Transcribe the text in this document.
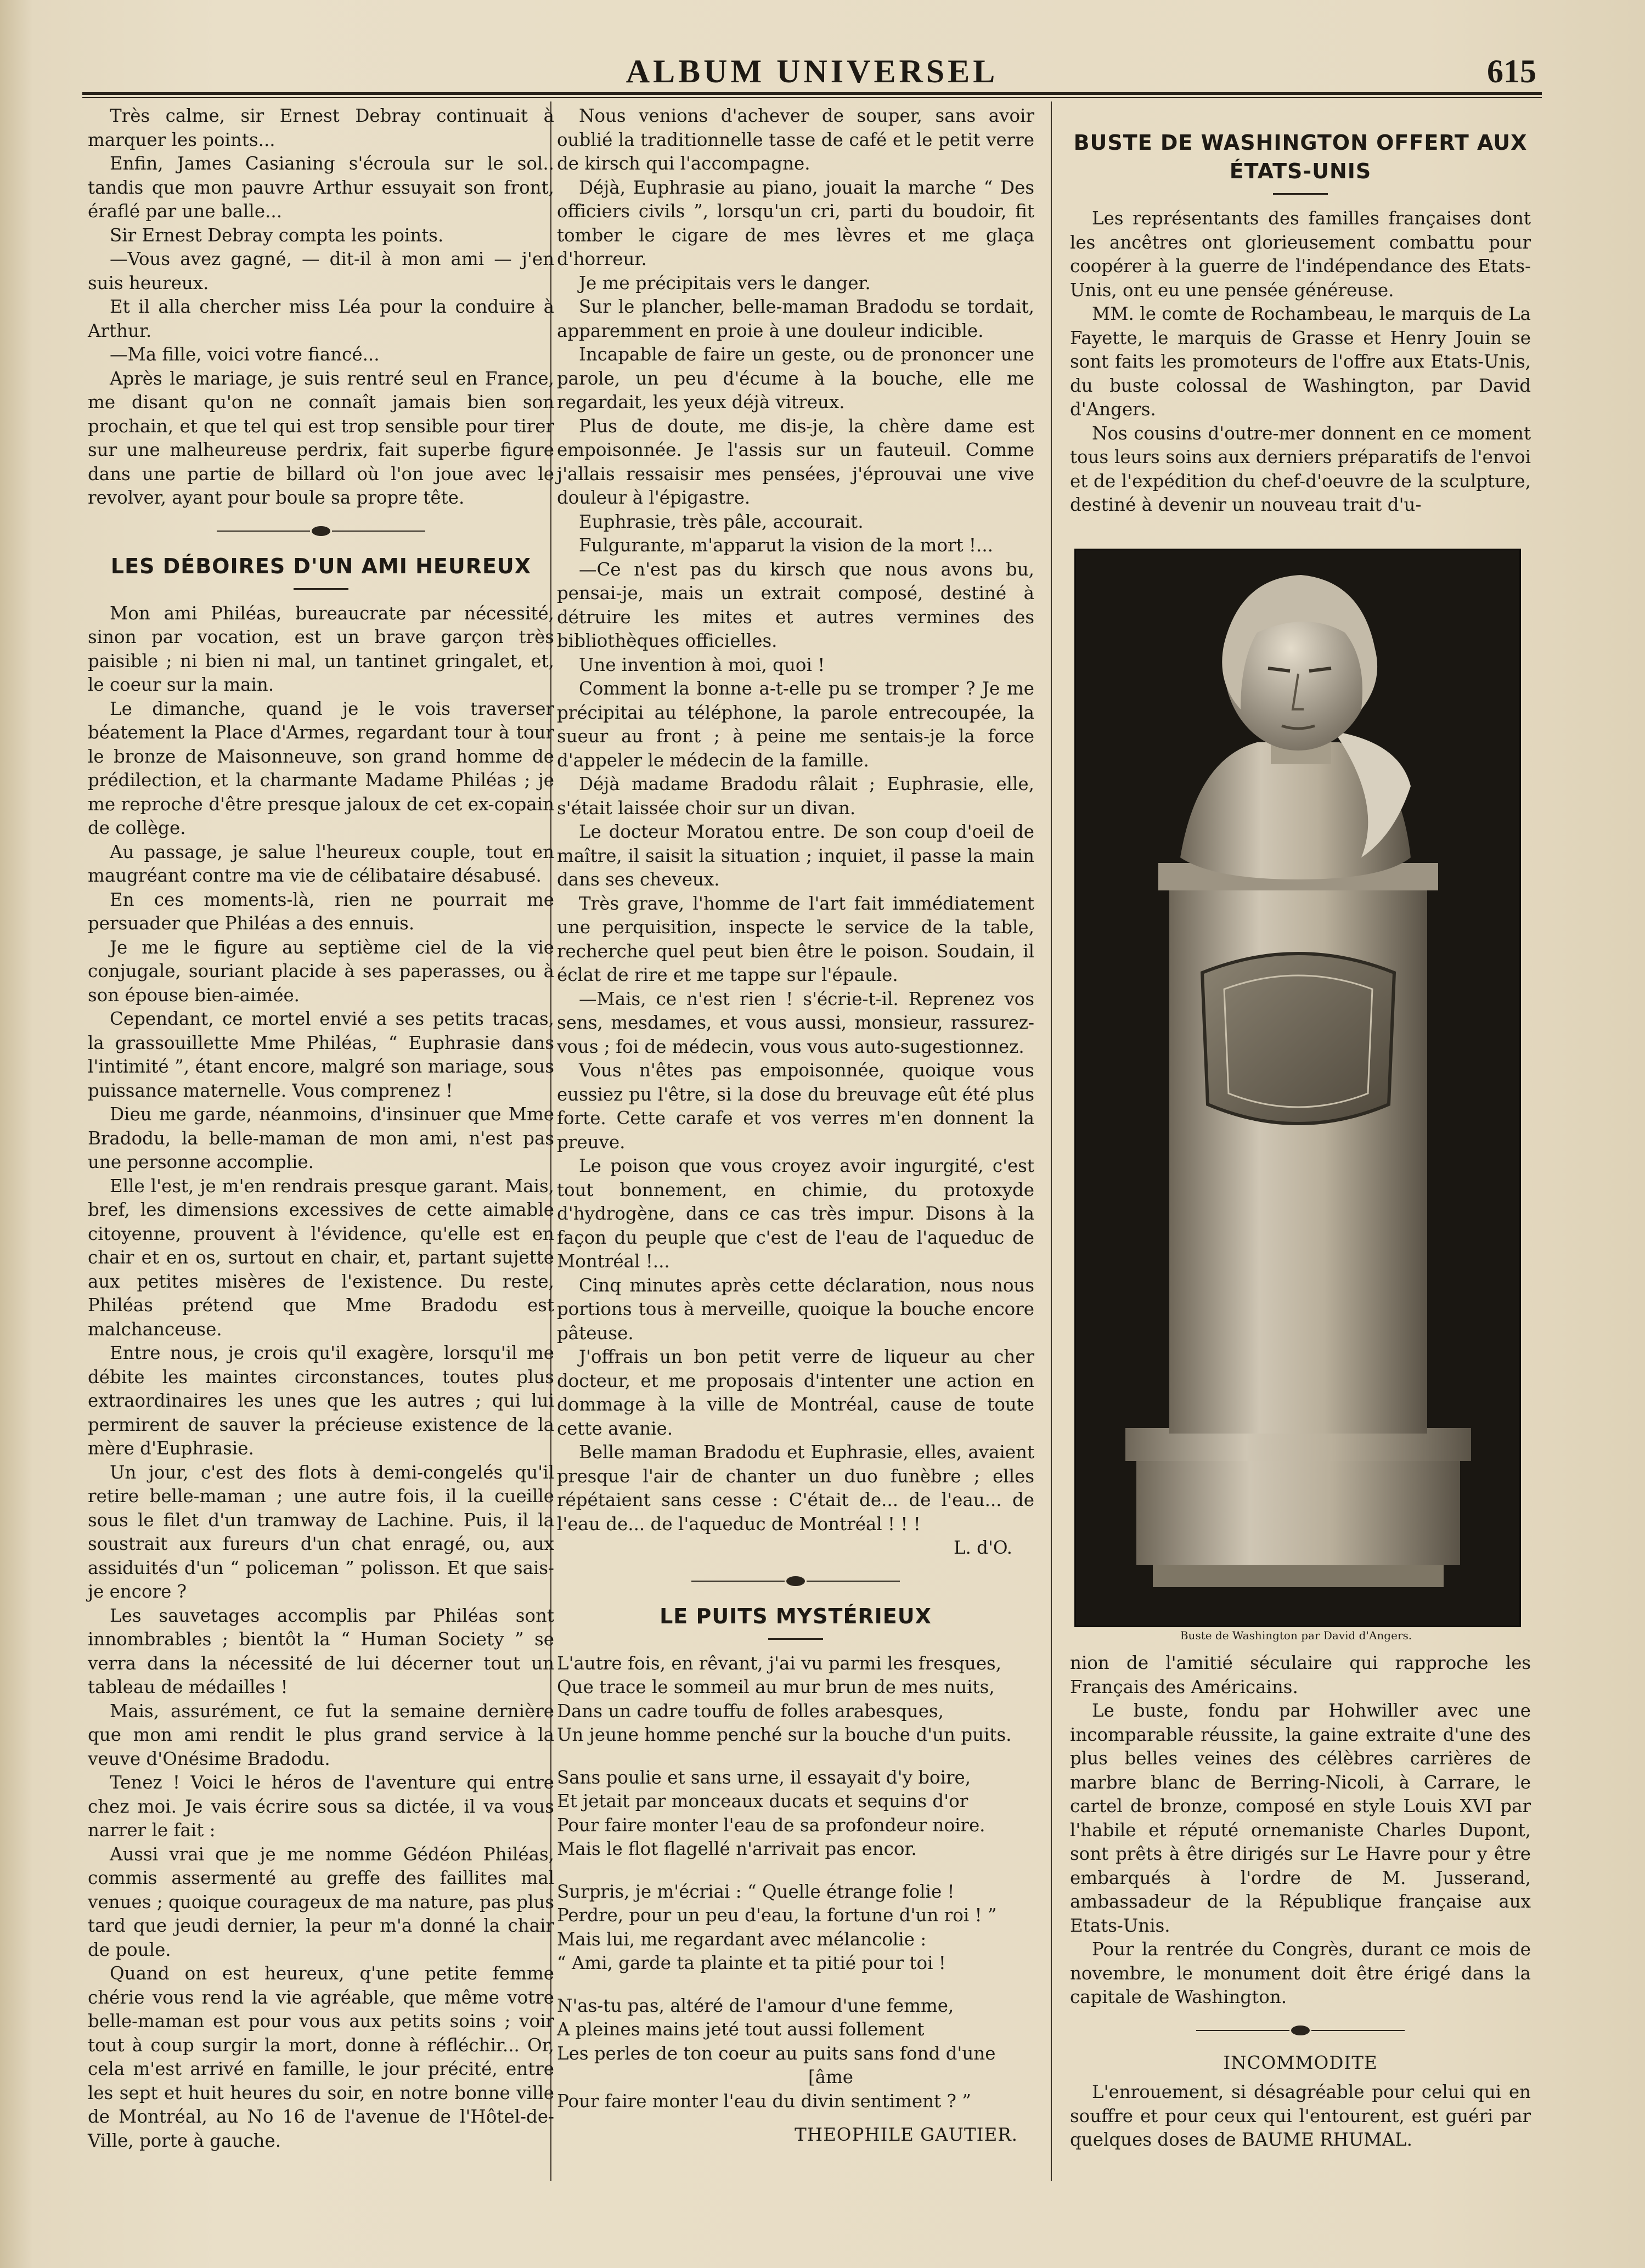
ALBUM UNIVERSEL	615

Très calme, sir Ernest Debray continuait à marquer les points...

Enfin, James Casianing s'écroula sur le sol.. tandis que mon pauvre Arthur essuyait son front, éraflé par une balle...

Sir Ernest Debray compta les points.

—Vous avez gagné, — dit-il à mon ami — j'en suis heureux.

Et il alla chercher miss Léa pour la conduire à Arthur.

—Ma fille, voici votre fiancé...

Après le mariage, je suis rentré seul en France, me disant qu'on ne connaît jamais bien son prochain, et que tel qui est trop sensible pour tirer sur une malheureuse perdrix, fait superbe figure dans une partie de billard où l'on joue avec le revolver, ayant pour boule sa propre tête.

LES DÉBOIRES D'UN AMI HEUREUX

Mon ami Philéas, bureaucrate par nécessité, sinon par vocation, est un brave garçon très paisible ; ni bien ni mal, un tantinet gringalet, et, le coeur sur la main.

Le dimanche, quand je le vois traverser béatement la Place d'Armes, regardant tour à tour le bronze de Maisonneuve, son grand homme de prédilection, et la charmante Madame Philéas ; je me reproche d'être presque jaloux de cet ex-copain de collège.

Au passage, je salue l'heureux couple, tout en maugréant contre ma vie de célibataire désabusé.

En ces moments-là, rien ne pourrait me persuader que Philéas a des ennuis.

Je me le figure au septième ciel de la vie conjugale, souriant placide à ses paperasses, ou à son épouse bien-aimée.

Cependant, ce mortel envié a ses petits tracas, la grassouillette Mme Philéas, “ Euphrasie dans l'intimité ”, étant encore, malgré son mariage, sous puissance maternelle. Vous comprenez !

Dieu me garde, néanmoins, d'insinuer que Mme Bradodu, la belle-maman de mon ami, n'est pas une personne accomplie.

Elle l'est, je m'en rendrais presque garant. Mais, bref, les dimensions excessives de cette aimable citoyenne, prouvent à l'évidence, qu'elle est en chair et en os, surtout en chair, et, partant sujette aux petites misères de l'existence. Du reste, Philéas prétend que Mme Bradodu est malchanceuse.

Entre nous, je crois qu'il exagère, lorsqu'il me débite les maintes circonstances, toutes plus extraordinaires les unes que les autres ; qui lui permirent de sauver la précieuse existence de la mère d'Euphrasie.

Un jour, c'est des flots à demi-congelés qu'il retire belle-maman ; une autre fois, il la cueille sous le filet d'un tramway de Lachine. Puis, il la soustrait aux fureurs d'un chat enragé, ou, aux assiduités d'un “ policeman ” polisson. Et que sais-je encore ?

Les sauvetages accomplis par Philéas sont innombrables ; bientôt la “ Human Society ” se verra dans la nécessité de lui décerner tout un tableau de médailles !

Mais, assurément, ce fut la semaine dernière que mon ami rendit le plus grand service à la veuve d'Onésime Bradodu.

Tenez ! Voici le héros de l'aventure qui entre chez moi. Je vais écrire sous sa dictée, il va vous narrer le fait :

Aussi vrai que je me nomme Gédéon Philéas, commis assermenté au greffe des faillites mal venues ; quoique courageux de ma nature, pas plus tard que jeudi dernier, la peur m'a donné la chair de poule.

Quand on est heureux, q'une petite femme chérie vous rend la vie agréable, que même votre belle-maman est pour vous aux petits soins ; voir tout à coup surgir la mort, donne à réfléchir... Or, cela m'est arrivé en famille, le jour précité, entre les sept et huit heures du soir, en notre bonne ville de Montréal, au No 16 de l'avenue de l'Hôtel-de-Ville, porte à gauche.

Nous venions d'achever de souper, sans avoir oublié la traditionnelle tasse de café et le petit verre de kirsch qui l'accompagne.

Déjà, Euphrasie au piano, jouait la marche “ Des officiers civils ”, lorsqu'un cri, parti du boudoir, fit tomber le cigare de mes lèvres et me glaça d'horreur.

Je me précipitais vers le danger.

Sur le plancher, belle-maman Bradodu se tordait, apparemment en proie à une douleur indicible.

Incapable de faire un geste, ou de prononcer une parole, un peu d'écume à la bouche, elle me regardait, les yeux déjà vitreux.

Plus de doute, me dis-je, la chère dame est empoisonnée. Je l'assis sur un fauteuil. Comme j'allais ressaisir mes pensées, j'éprouvai une vive douleur à l'épigastre.

Euphrasie, très pâle, accourait.

Fulgurante, m'apparut la vision de la mort !...

—Ce n'est pas du kirsch que nous avons bu, pensai-je, mais un extrait composé, destiné à détruire les mites et autres vermines des bibliothèques officielles.

Une invention à moi, quoi !

Comment la bonne a-t-elle pu se tromper ? Je me précipitai au téléphone, la parole entrecoupée, la sueur au front ; à peine me sentais-je la force d'appeler le médecin de la famille.

Déjà madame Bradodu râlait ; Euphrasie, elle, s'était laissée choir sur un divan.

Le docteur Moratou entre. De son coup d'oeil de maître, il saisit la situation ; inquiet, il passe la main dans ses cheveux.

Très grave, l'homme de l'art fait immédiatement une perquisition, inspecte le service de la table, recherche quel peut bien être le poison. Soudain, il éclat de rire et me tappe sur l'épaule.

—Mais, ce n'est rien ! s'écrie-t-il. Reprenez vos sens, mesdames, et vous aussi, monsieur, rassurez-vous ; foi de médecin, vous vous auto-sugestionnez.

Vous n'êtes pas empoisonnée, quoique vous eussiez pu l'être, si la dose du breuvage eût été plus forte. Cette carafe et vos verres m'en donnent la preuve.

Le poison que vous croyez avoir ingurgité, c'est tout bonnement, en chimie, du protoxyde d'hydrogène, dans ce cas très impur. Disons à la façon du peuple que c'est de l'eau de l'aqueduc de Montréal !...

Cinq minutes après cette déclaration, nous nous portions tous à merveille, quoique la bouche encore pâteuse.

J'offrais un bon petit verre de liqueur au cher docteur, et me proposais d'intenter une action en dommage à la ville de Montréal, cause de toute cette avanie.

Belle maman Bradodu et Euphrasie, elles, avaient presque l'air de chanter un duo funèbre ; elles répétaient sans cesse : C'était de... de l'eau... de l'eau de... de l'aqueduc de Montréal ! ! !

L. d'O.
LE PUITS MYSTÉRIEUX
L'autre fois, en rêvant, j'ai vu parmi les fresques,
Que trace le sommeil au mur brun de mes nuits,
Dans un cadre touffu de folles arabesques,
Un jeune homme penché sur la bouche d'un puits.
Sans poulie et sans urne, il essayait d'y boire,
Et jetait par monceaux ducats et sequins d'or
Pour faire monter l'eau de sa profondeur noire.
Mais le flot flagellé n'arrivait pas encor.
Surpris, je m'écriai : “ Quelle étrange folie !
Perdre, pour un peu d'eau, la fortune d'un roi ! ”
Mais lui, me regardant avec mélancolie :
“ Ami, garde ta plainte et ta pitié pour toi !
N'as-tu pas, altéré de l'amour d'une femme,
A pleines mains jeté tout aussi follement
Les perles de ton coeur au puits sans fond d'une
[âme
Pour faire monter l'eau du divin sentiment ? ”
THEOPHILE GAUTIER.
BUSTE DE WASHINGTON OFFERT AUX ÉTATS-UNIS

Les représentants des familles françaises dont les ancêtres ont glorieusement combattu pour coopérer à la guerre de l'indépendance des Etats-Unis, ont eu une pensée généreuse.

MM. le comte de Rochambeau, le marquis de La Fayette, le marquis de Grasse et Henry Jouin se sont faits les promoteurs de l'offre aux Etats-Unis, du buste colossal de Washington, par David d'Angers.

Nos cousins d'outre-mer donnent en ce moment tous leurs soins aux derniers préparatifs de l'envoi et de l'expédition du chef-d'oeuvre de la sculpture, destiné à devenir un nouveau trait d'u-

Buste de Washington par David d'Angers.

nion de l'amitié séculaire qui rapproche les Français des Américains.

Le buste, fondu par Hohwiller avec une incomparable réussite, la gaine extraite d'une des plus belles veines des célèbres carrières de marbre blanc de Berring-Nicoli, à Carrare, le cartel de bronze, composé en style Louis XVI par l'habile et réputé ornemaniste Charles Dupont, sont prêts à être dirigés sur Le Havre pour y être embarqués à l'ordre de M. Jusserand, ambassadeur de la République française aux Etats-Unis.

Pour la rentrée du Congrès, durant ce mois de novembre, le monument doit être érigé dans la capitale de Washington.

INCOMMODITE

L'enrouement, si désagréable pour celui qui en souffre et pour ceux qui l'entourent, est guéri par quelques doses de BAUME RHUMAL.
